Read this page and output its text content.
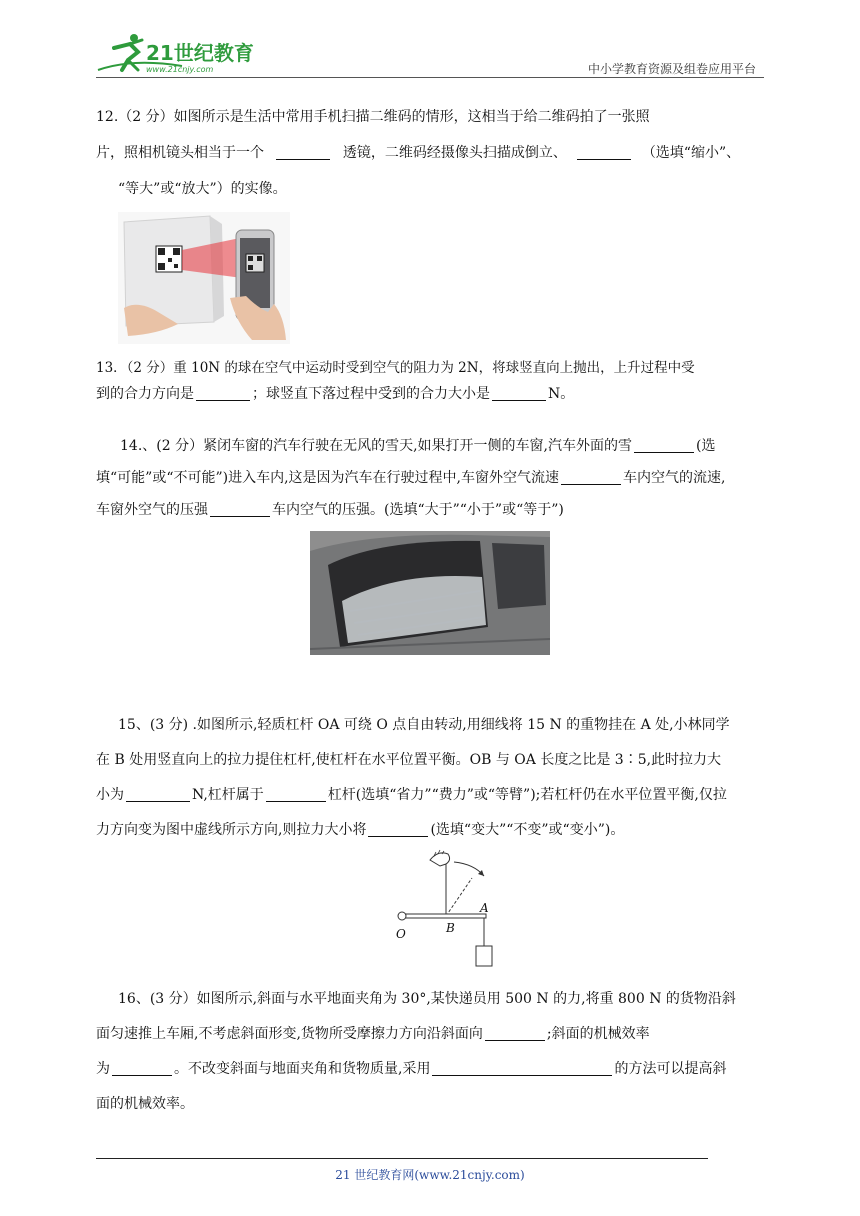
21世纪教育
www.21cnjy.com	中小学教育资源及组卷应用平台
12.（2 分）如图所示是生活中常用手机扫描二维码的情形，这相当于给二维码拍了一张照
片，照相机镜头相当于一个	透镜，二维码经摄像头扫描成倒立、	（选填“缩小”、
“等大”或“放大”）的实像。
13．（2 分）重 10N 的球在空气中运动时受到空气的阻力为 2N，将球竖直向上抛出，上升过程中受
到的合力方向是	；球竖直下落过程中受到的合力大小是	N。
14.、(2 分）紧闭车窗的汽车行驶在无风的雪天,如果打开一侧的车窗,汽车外面的雪	(选
填“可能”或“不可能”)进入车内,这是因为汽车在行驶过程中,车窗外空气流速	车内空气的流速,
车窗外空气的压强	车内空气的压强。(选填“大于”“小于”或“等于”)
15、(3 分) .如图所示,轻质杠杆 OA 可绕 O 点自由转动,用细线将 15 N 的重物挂在 A 处,小林同学
在 B 处用竖直向上的拉力提住杠杆,使杠杆在水平位置平衡。OB 与 OA 长度之比是 3∶5,此时拉力大
小为	N,杠杆属于	杠杆(选填“省力”“费力”或“等臂”);若杠杆仍在水平位置平衡,仅拉
力方向变为图中虚线所示方向,则拉力大小将	(选填“变大”“不变”或“变小”)。
O	B
A
16、(3 分）如图所示,斜面与水平地面夹角为 30°,某快递员用 500 N 的力,将重 800 N 的货物沿斜
面匀速推上车厢,不考虑斜面形变,货物所受摩擦力方向沿斜面向	;斜面的机械效率
为	。不改变斜面与地面夹角和货物质量,采用	的方法可以提高斜
面的机械效率。
21 世纪教育网(www.21cnjy.com)
